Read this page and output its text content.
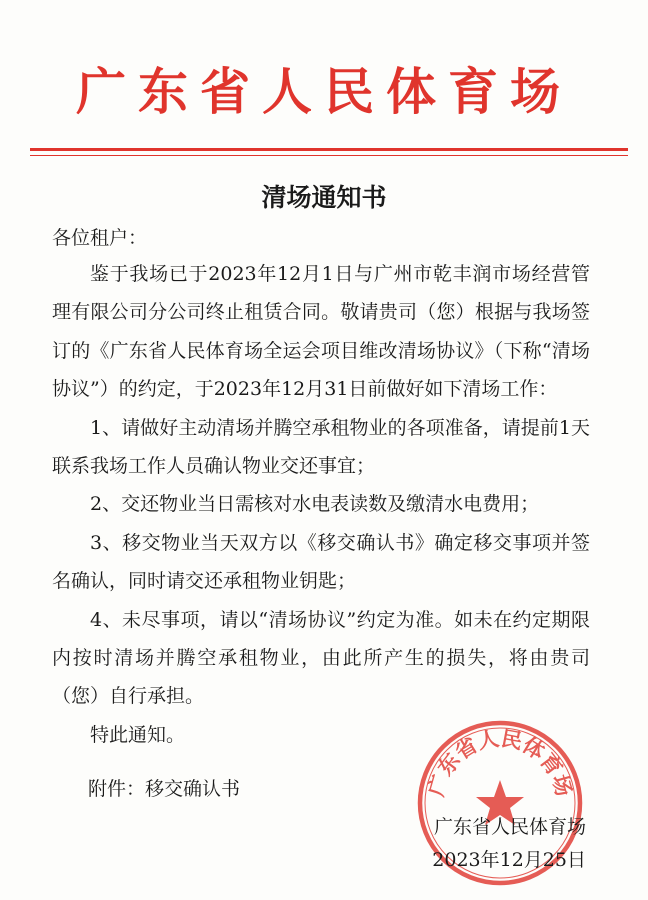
广东省人民体育场
清场通知书
各位租户：

鉴于我场已于2023年12月1日与广州市乾丰润市场经营管理有限公司分公司终止租赁合同。敬请贵司（您）根据与我场签订的《广东省人民体育场全运会项目维改清场协议》（下称“清场协议”）的约定，于2023年12月31日前做好如下清场工作：

1、请做好主动清场并腾空承租物业的各项准备，请提前1天联系我场工作人员确认物业交还事宜；

2、交还物业当日需核对水电表读数及缴清水电费用；

3、移交物业当天双方以《移交确认书》确定移交事项并签名确认，同时请交还承租物业钥匙；

4、未尽事项，请以“清场协议”约定为准。如未在约定期限内按时清场并腾空承租物业，由此所产生的损失，将由贵司（您）自行承担。

特此通知。

附件：移交确认书	广东省人民体育场
广东省人民体育场
2023年12月25日
